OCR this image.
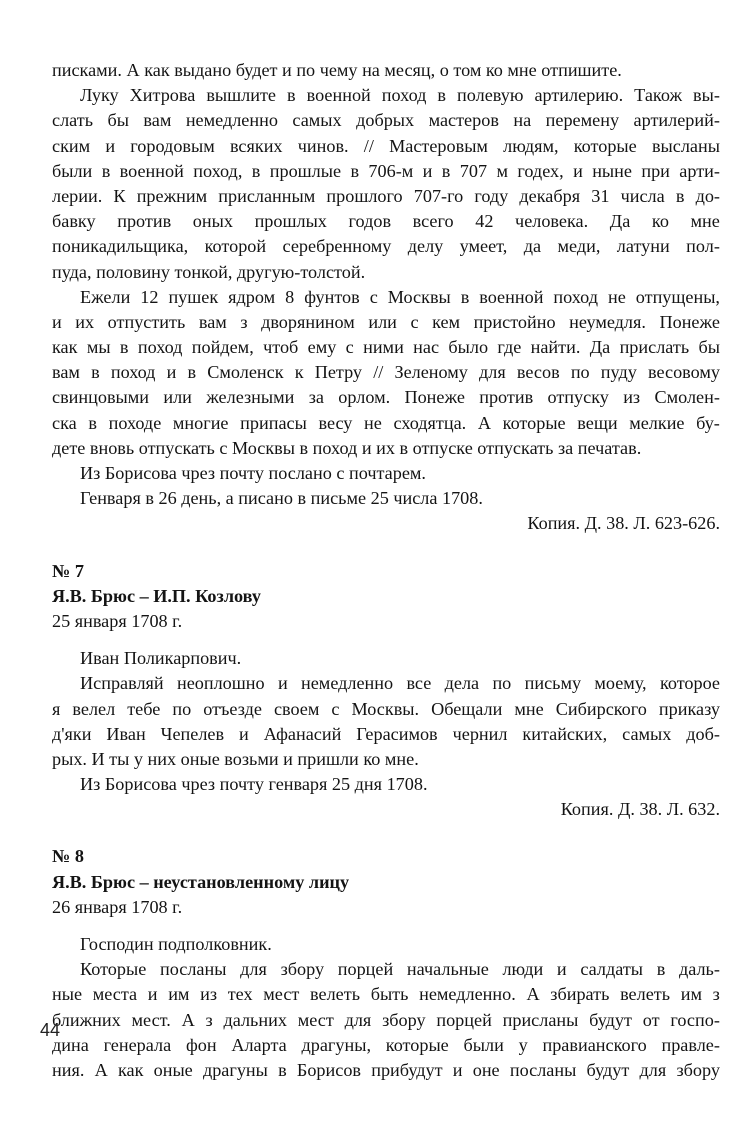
писками. А как выдано будет и по чему на месяц, о том ко мне отпишите.
Луку Хитрова вышлите в военной поход в полевую артилерию. Також вы-
слать бы вам немедленно самых добрых мастеров на перемену артилерий-
ским и городовым всяких чинов. // Мастеровым людям, которые высланы
были в военной поход, в прошлые в 706-м и в 707 м годех, и ныне при арти-
лерии. К прежним присланным прошлого 707-го году декабря 31 числа в до-
бавку против оных прошлых годов всего 42 человека. Да ко мне
поникадильщика, которой серебренному делу умеет, да меди, латуни пол-
пуда, половину тонкой, другую-толстой.
Ежели 12 пушек ядром 8 фунтов с Москвы в военной поход не отпущены,
и их отпустить вам з дворянином или с кем пристойно неумедля. Понеже
как мы в поход пойдем, чтоб ему с ними нас было где найти. Да прислать бы
вам в поход и в Смоленск к Петру // Зеленому для весов по пуду весовому
свинцовыми или железными за орлом. Понеже против отпуску из Смолен-
ска в походе многие припасы весу не сходятца. А которые вещи мелкие бу-
дете вновь отпускать с Москвы в поход и их в отпуске отпускать за печатав.
Из Борисова чрез почту послано с почтарем.
Генваря в 26 день, а писано в письме 25 числа 1708.
Копия. Д. 38. Л. 623-626.
№ 7
Я.В. Брюс – И.П. Козлову
25 января 1708 г.
Иван Поликарпович.
Исправляй неоплошно и немедленно все дела по письму моему, которое
я велел тебе по отъезде своем с Москвы. Обещали мне Сибирского приказу
д'яки Иван Чепелев и Афанасий Герасимов чернил китайских, самых доб-
рых. И ты у них оные возьми и пришли ко мне.
Из Борисова чрез почту генваря 25 дня 1708.
Копия. Д. 38. Л. 632.
№ 8
Я.В. Брюс – неустановленному лицу
26 января 1708 г.
Господин подполковник.
Которые посланы для збору порцей начальные люди и салдаты в даль-
ные места и им из тех мест велеть быть немедленно. А збирать велеть им з
ближних мест. А з дальних мест для збору порцей присланы будут от госпо-
дина генерала фон Аларта драгуны, которые были у правианского правле-
ния. А как оные драгуны в Борисов прибудут и оне посланы будут для збору
44
